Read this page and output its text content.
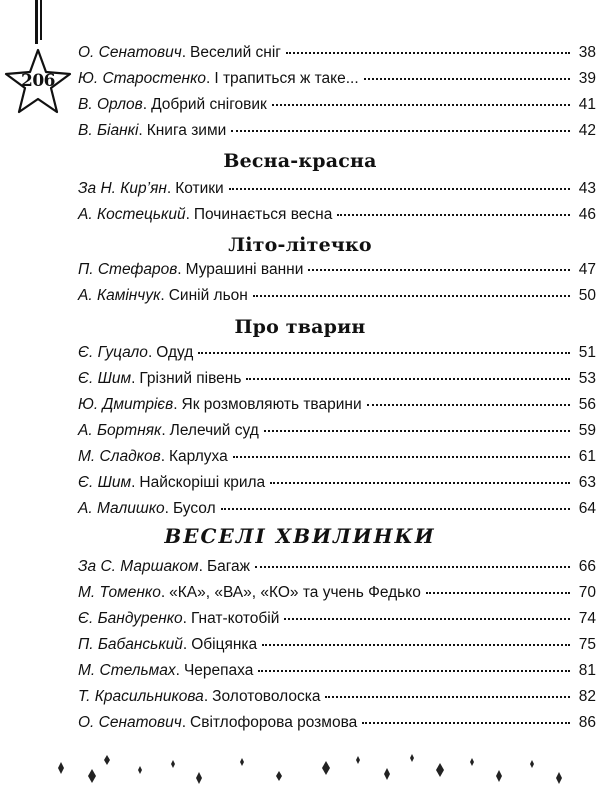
206
О. Сенатович . Веселий сніг	38
Ю. Старостенко . І трапиться ж таке...	39
В. Орлов . Добрий сніговик	41
В. Біанкі . Книга зими	42
Весна-красна
За Н. Кир’ян . Котики	43
А. Костецький . Починається весна	46
Літо-літечко
П. Стефаров . Мурашині ванни	47
А. Камінчук . Синій льон	50
Про тварин
Є. Гуцало . Одуд	51
Є. Шим . Грізний півень	53
Ю. Дмитрієв . Як розмовляють тварини	56
А. Бортняк . Лелечий суд	59
М. Сладков . Карлуха	61
Є. Шим . Найскоріші крила	63
А. Малишко . Бусол	64
ВЕСЕЛІ ХВИЛИНКИ
За С. Маршаком . Багаж	66
М. Томенко . «КА», «ВА», «КО» та учень Федько	70
Є. Бандуренко . Гнат-котобій	74
П. Бабанський . Обіцянка	75
М. Стельмах . Черепаха	81
Т. Красильникова . Золотоволоска	82
О. Сенатович . Світлофорова розмова	86
